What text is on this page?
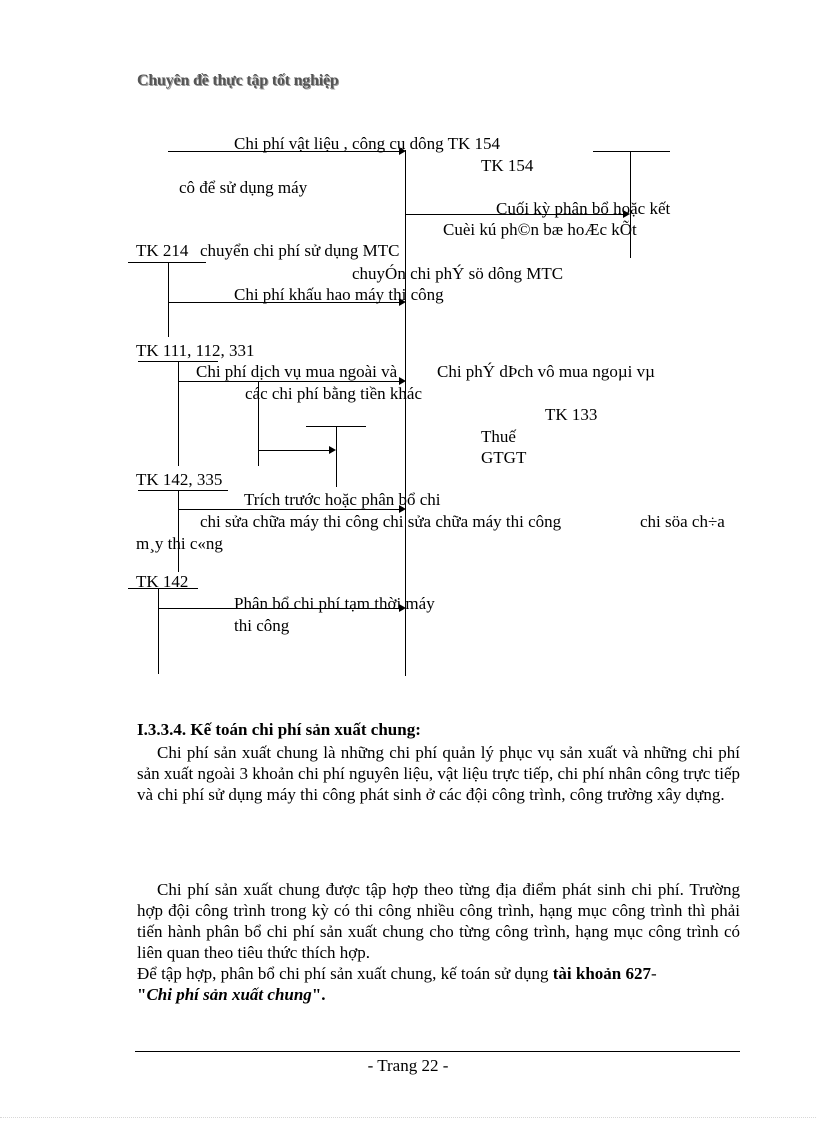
Chuyên đề thực tập tốt nghiệp
Chi phí vật liệu , công cụ dông TK 154
TK 154
cô để sử dụng máy
Cuối kỳ phân bổ hoặc kết
Cuèi kú ph©n bæ hoÆc kÕt
TK 214 chuyển chi phí sử dụng MTC
chuyÓn chi phÝ sö dông MTC
Chi phí khấu hao máy thi công
TK 111, 112, 331
Chi phí dịch vụ mua ngoài và Chi phÝ dÞch vô mua ngoµi vµ
các chi phí bằng tiền khác
TK 133
Thuế
GTGT
TK 142, 335
Trích trước hoặc phân bổ chi
chi sửa chữa máy thi công chi sửa chữa máy thi công	chi söa ch÷a
m¸y thi c«ng
TK 142
Phân bổ chi phí tạm thời máy
thi công
I.3.3.4. Kế toán chi phí sản xuất chung:

Chi phí sản xuất chung là những chi phí quản lý phục vụ sản xuất và những chi phí sản xuất ngoài 3 khoản chi phí nguyên liệu, vật liệu trực tiếp, chi phí nhân công trực tiếp và chi phí sử dụng máy thi công phát sinh ở các đội công trình, công trường xây dựng.

Chi phí sản xuất chung được tập hợp theo từng địa điểm phát sinh chi phí. Trường hợp đội công trình trong kỳ có thi công nhiều công trình, hạng mục công trình thì phải tiến hành phân bổ chi phí sản xuất chung cho từng công trình, hạng mục công trình có liên quan theo tiêu thức thích hợp.

Để tập hợp, phân bổ chi phí sản xuất chung, kế toán sử dụng tài khoản 627-
"Chi phí sản xuất chung".

- Trang 22 -
